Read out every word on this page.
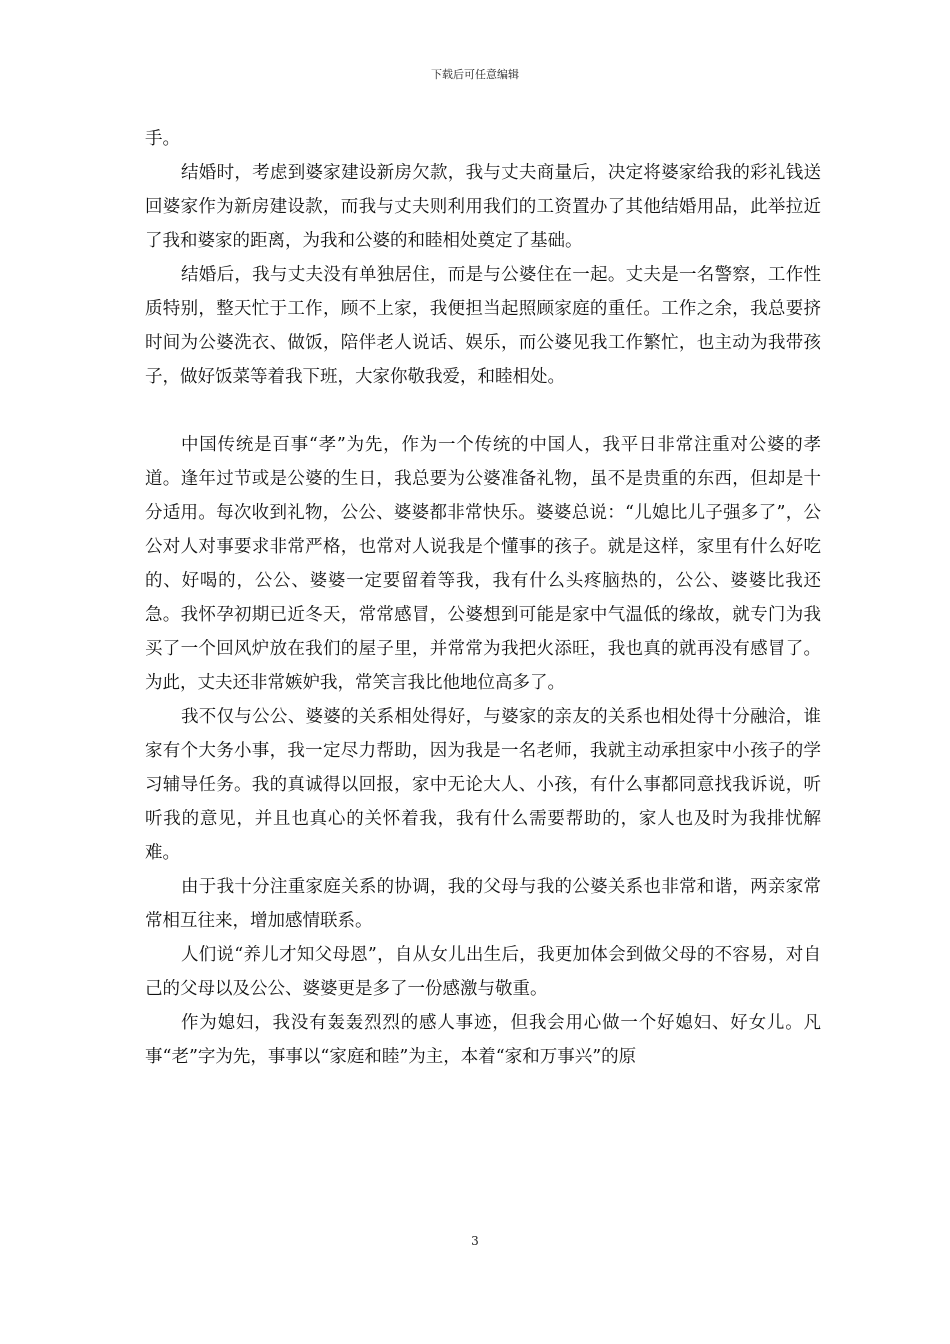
下载后可任意编辑

手。

结婚时，考虑到婆家建设新房欠款，我与丈夫商量后，决定将婆家给我的彩礼钱送回婆家作为新房建设款，而我与丈夫则利用我们的工资置办了其他结婚用品，此举拉近了我和婆家的距离，为我和公婆的和睦相处奠定了基础。

结婚后，我与丈夫没有单独居住，而是与公婆住在一起。丈夫是一名警察，工作性质特别，整天忙于工作，顾不上家，我便担当起照顾家庭的重任。工作之余，我总要挤时间为公婆洗衣、做饭，陪伴老人说话、娱乐，而公婆见我工作繁忙，也主动为我带孩子，做好饭菜等着我下班，大家你敬我爱，和睦相处。

中国传统是百事“孝”为先，作为一个传统的中国人，我平日非常注重对公婆的孝道。逢年过节或是公婆的生日，我总要为公婆准备礼物，虽不是贵重的东西，但却是十分适用。每次收到礼物，公公、婆婆都非常快乐。婆婆总说：“儿媳比儿子强多了”，公公对人对事要求非常严格，也常对人说我是个懂事的孩子。就是这样，家里有什么好吃的、好喝的，公公、婆婆一定要留着等我，我有什么头疼脑热的，公公、婆婆比我还急。我怀孕初期已近冬天，常常感冒，公婆想到可能是家中气温低的缘故，就专门为我买了一个回风炉放在我们的屋子里，并常常为我把火添旺，我也真的就再没有感冒了。为此，丈夫还非常嫉妒我，常笑言我比他地位高多了。

我不仅与公公、婆婆的关系相处得好，与婆家的亲友的关系也相处得十分融洽，谁家有个大务小事，我一定尽力帮助，因为我是一名老师，我就主动承担家中小孩子的学习辅导任务。我的真诚得以回报，家中无论大人、小孩，有什么事都同意找我诉说，听听我的意见，并且也真心的关怀着我，我有什么需要帮助的，家人也及时为我排忧解难。

由于我十分注重家庭关系的协调，我的父母与我的公婆关系也非常和谐，两亲家常常相互往来，增加感情联系。

人们说“养儿才知父母恩”，自从女儿出生后，我更加体会到做父母的不容易，对自己的父母以及公公、婆婆更是多了一份感激与敬重。

作为媳妇，我没有轰轰烈烈的感人事迹，但我会用心做一个好媳妇、好女儿。凡事“老”字为先，事事以“家庭和睦”为主，本着“家和万事兴”的原

3
